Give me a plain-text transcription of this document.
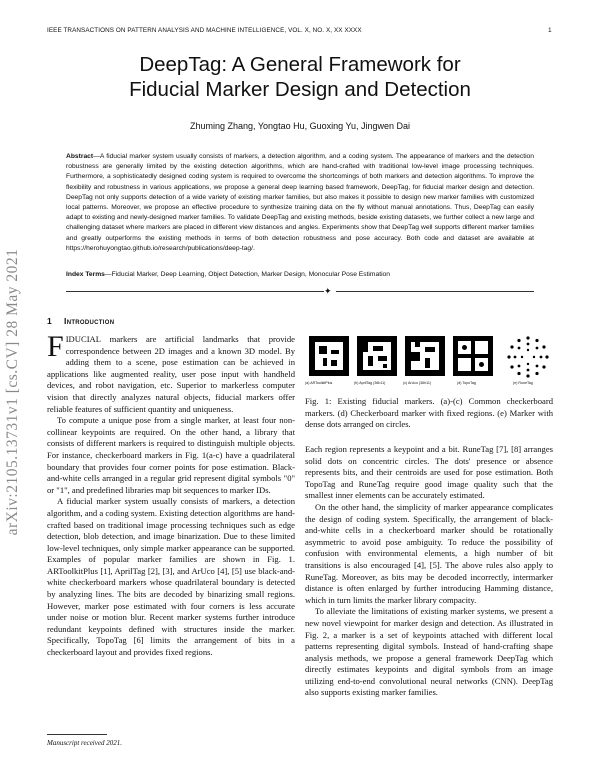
IEEE TRANSACTIONS ON PATTERN ANALYSIS AND MACHINE INTELLIGENCE, VOL. X, NO. X, XX XXXX	1
arXiv:2105.13731v1 [cs.CV] 28 May 2021
DeepTag: A General Framework for
Fiducial Marker Design and Detection
Zhuming Zhang, Yongtao Hu, Guoxing Yu, Jingwen Dai
Abstract—A fiducial marker system usually consists of markers, a detection algorithm, and a coding system. The appearance of markers and the detection robustness are generally limited by the existing detection algorithms, which are hand-crafted with traditional low-level image processing techniques. Furthermore, a sophisticatedly designed coding system is required to overcome the shortcomings of both markers and detection algorithms. To improve the flexibility and robustness in various applications, we propose a general deep learning based framework, DeepTag, for fiducial marker design and detection. DeepTag not only supports detection of a wide variety of existing marker families, but also makes it possible to design new marker families with customized local patterns. Moreover, we propose an effective procedure to synthesize training data on the fly without manual annotations. Thus, DeepTag can easily adapt to existing and newly-designed marker families. To validate DeepTag and existing methods, beside existing datasets, we further collect a new large and challenging dataset where markers are placed in different view distances and angles. Experiments show that DeepTag well supports different marker families and greatly outperforms the existing methods in terms of both detection robustness and pose accuracy. Both code and dataset are available at https://herohuyongtao.github.io/research/publications/deep-tag/.
Index Terms—Fiducial Marker, Deep Learning, Object Detection, Marker Design, Monocular Pose Estimation
✦
1 Introduction

FIDUCIAL markers are artificial landmarks that provide correspondence between 2D images and a known 3D model. By adding them to a scene, pose estimation can be achieved in applications like augmented reality, user pose input with handheld devices, and robot navigation, etc. Superior to markerless computer vision that directly analyzes natural objects, fiducial markers offer reliable features of sufficient quantity and uniqueness.

To compute a unique pose from a single marker, at least four non-collinear keypoints are required. On the other hand, a library that consists of different markers is required to distinguish multiple objects. For instance, checkerboard markers in Fig. 1(a-c) have a quadrilateral boundary that provides four corner points for pose estimation. Black-and-white cells arranged in a regular grid represent digital symbols "0" or "1", and predefined libraries map bit sequences to marker IDs.

A fiducial marker system usually consists of markers, a detection algorithm, and a coding system. Existing detection algorithms are hand-crafted based on traditional image processing techniques such as edge detection, blob detection, and image binarization. Due to these limited low-level techniques, only simple marker appearance can be supported. Examples of popular marker families are shown in Fig. 1. ARToolkitPlus [1], AprilTag [2], [3], and ArUco [4], [5] use black-and-white checkerboard markers whose quadrilateral boundary is detected by analyzing lines. The bits are decoded by binarizing small regions. However, marker pose estimated with four corners is less accurate under noise or motion blur. Recent marker systems further introduce redundant keypoints defined with structures inside the marker. Specifically, TopoTag [6] limits the arrangement of bits in a checkerboard layout and provides fixed regions.

(a) ARToolkitPlus	(b) AprilTag (36h11)	(c) ArUco (36h11)	(d) TopoTag	(e) RuneTag
Fig. 1: Existing fiducial markers. (a)-(c) Common checkerboard markers. (d) Checkerboard marker with fixed regions. (e) Marker with dense dots arranged on circles.

Each region represents a keypoint and a bit. RuneTag [7], [8] arranges solid dots on concentric circles. The dots' presence or absence represents bits, and their centroids are used for pose estimation. Both TopoTag and RuneTag require good image quality such that the smallest inner elements can be accurately estimated.

On the other hand, the simplicity of marker appearance complicates the design of coding system. Specifically, the arrangement of black-and-white cells in a checkerboard marker should be rotationally asymmetric to avoid pose ambiguity. To reduce the possibility of confusion with environmental elements, a high number of bit transitions is also encouraged [4], [5]. The above rules also apply to RuneTag. Moreover, as bits may be decoded incorrectly, intermarker distance is often enlarged by further introducing Hamming distance, which in turn limits the marker library compacity.

To alleviate the limitations of existing marker systems, we present a new novel viewpoint for marker design and detection. As illustrated in Fig. 2, a marker is a set of keypoints attached with different local patterns representing digital symbols. Instead of hand-crafting shape analysis methods, we propose a general framework DeepTag which directly estimates keypoints and digital symbols from an image utilizing end-to-end convolutional neural networks (CNN). DeepTag also supports existing marker families.

Manuscript received 2021.
